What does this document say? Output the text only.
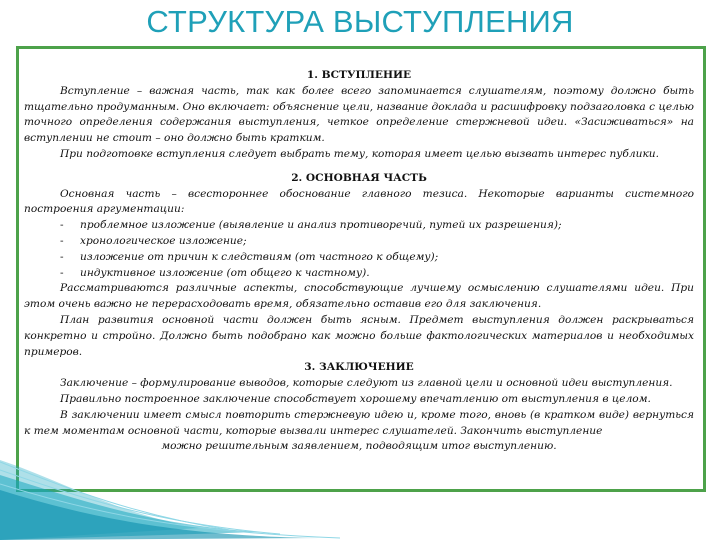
СТРУКТУРА ВЫСТУПЛЕНИЯ
1. ВСТУПЛЕНИЕ

Вступление – важная часть, так как более всего запоминается слушателям, поэтому должно быть тщательно продуманным. Оно включает: объяснение цели, название доклада и расшифровку подзаголовка с целью точного определения содержания выступления, четкое определение стержневой идеи. «Засиживаться» на вступлении не стоит – оно должно быть кратким.

При подготовке вступления следует выбрать тему, которая имеет целью вызвать интерес публики.

2. ОСНОВНАЯ ЧАСТЬ

Основная часть – всестороннее обоснование главного тезиса. Некоторые варианты системного построения аргументации:

- проблемное изложение (выявление и анализ противоречий, путей их разрешения);
- хронологическое изложение;
- изложение от причин к следствиям (от частного к общему);
- индуктивное изложение (от общего к частному).

Рассматриваются различные аспекты, способствующие лучшему осмыслению слушателями идеи. При этом очень важно не перерасходовать время, обязательно оставив его для заключения.

План развития основной части должен быть ясным. Предмет выступления должен раскрываться конкретно и стройно. Должно быть подобрано как можно больше фактологических материалов и необходимых примеров.

3. ЗАКЛЮЧЕНИЕ

Заключение – формулирование выводов, которые следуют из главной цели и основной идеи выступления.

Правильно построенное заключение способствует хорошему впечатлению от выступления в целом.

В заключении имеет смысл повторить стержневую идею и, кроме того, вновь (в кратком виде) вернуться к тем моментам основной части, которые вызвали интерес слушателей. Закончить выступление

можно решительным заявлением, подводящим итог выступлению.
